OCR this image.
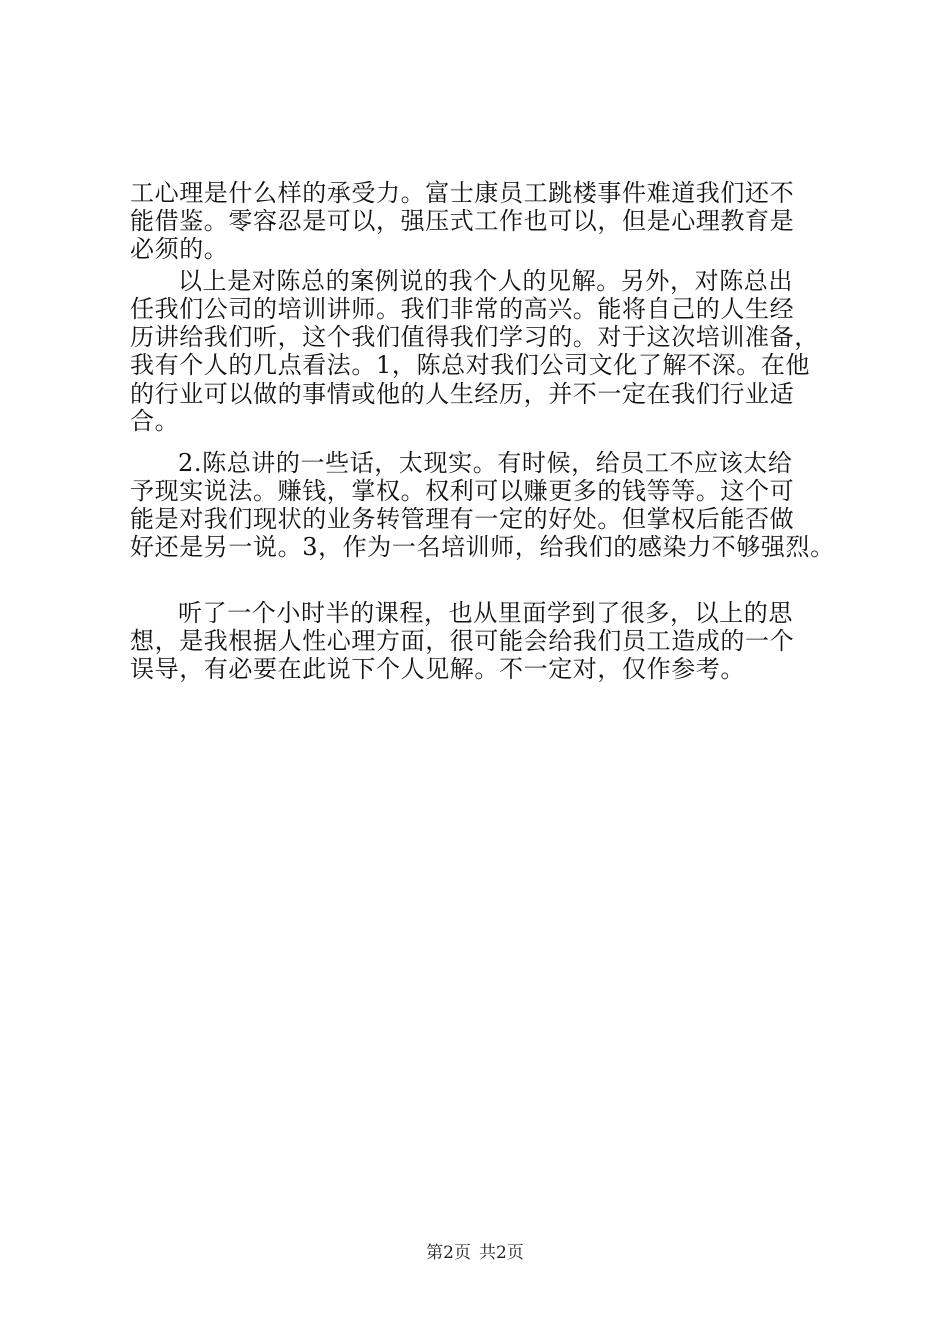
工心理是什么样的承受力。富士康员工跳楼事件难道我们还不
能借鉴。零容忍是可以，强压式工作也可以，但是心理教育是
必须的。
以上是对陈总的案例说的我个人的见解。另外，对陈总出
任我们公司的培训讲师。我们非常的高兴。能将自己的人生经
历讲给我们听，这个我们值得我们学习的。对于这次培训准备，
我有个人的几点看法。1，陈总对我们公司文化了解不深。在他
的行业可以做的事情或他的人生经历，并不一定在我们行业适
合。
2.陈总讲的一些话，太现实。有时候，给员工不应该太给
予现实说法。赚钱，掌权。权利可以赚更多的钱等等。这个可
能是对我们现状的业务转管理有一定的好处。但掌权后能否做
好还是另一说。3，作为一名培训师，给我们的感染力不够强烈。
听了一个小时半的课程，也从里面学到了很多，以上的思
想，是我根据人性心理方面，很可能会给我们员工造成的一个
误导，有必要在此说下个人见解。不一定对，仅作参考。
第2页 共2页
